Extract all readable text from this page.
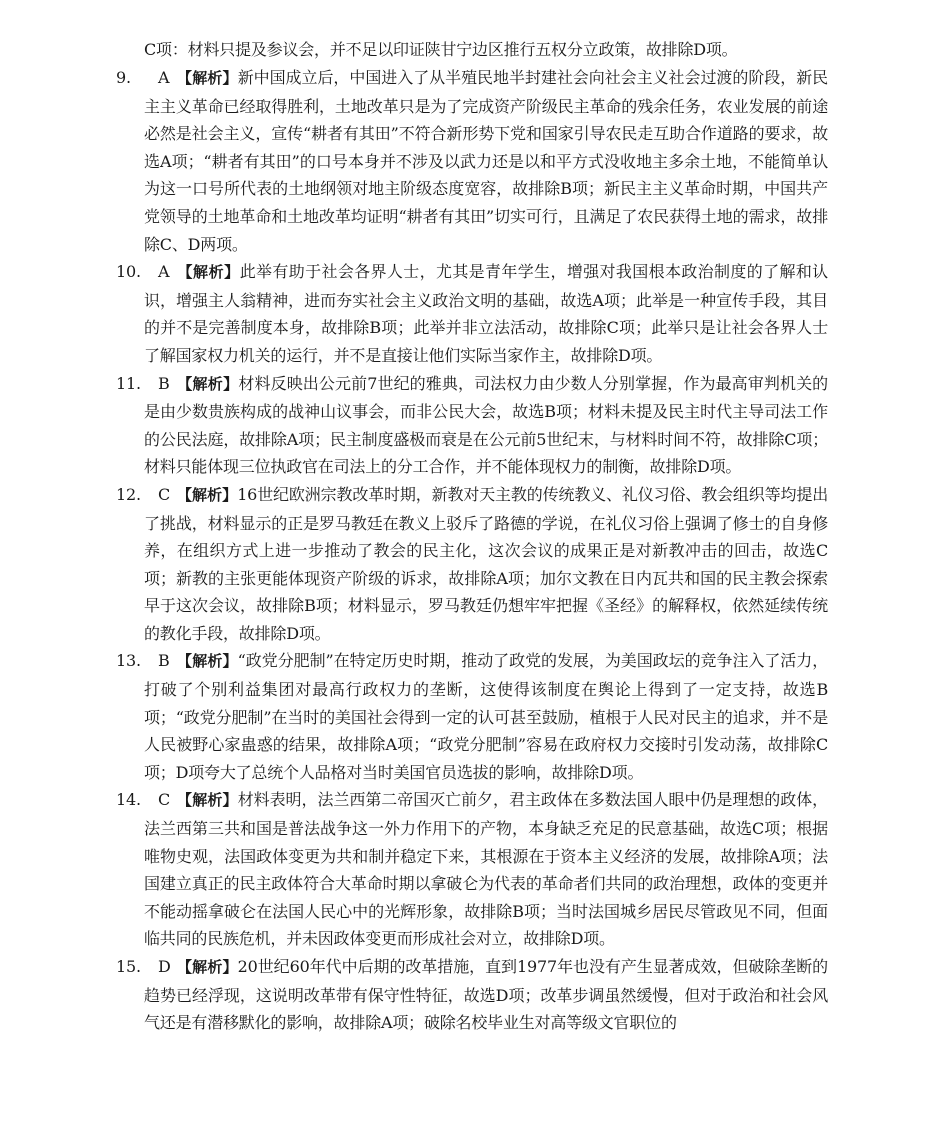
C项：材料只提及参议会，并不足以印证陕甘宁边区推行五权分立政策，故排除D项。

9.	A 【解析】新中国成立后，中国进入了从半殖民地半封建社会向社会主义社会过渡的阶段，新民主主义革命已经取得胜利，土地改革只是为了完成资产阶级民主革命的残余任务，农业发展的前途必然是社会主义，宣传“耕者有其田”不符合新形势下党和国家引导农民走互助合作道路的要求，故选A项；“耕者有其田”的口号本身并不涉及以武力还是以和平方式没收地主多余土地，不能简单认为这一口号所代表的土地纲领对地主阶级态度宽容，故排除B项；新民主主义革命时期，中国共产党领导的土地革命和土地改革均证明“耕者有其田”切实可行，且满足了农民获得土地的需求，故排除C、D两项。

10.	A 【解析】此举有助于社会各界人士，尤其是青年学生，增强对我国根本政治制度的了解和认识，增强主人翁精神，进而夯实社会主义政治文明的基础，故选A项；此举是一种宣传手段，其目的并不是完善制度本身，故排除B项；此举并非立法活动，故排除C项；此举只是让社会各界人士了解国家权力机关的运行，并不是直接让他们实际当家作主，故排除D项。

11.	B 【解析】材料反映出公元前7世纪的雅典，司法权力由少数人分别掌握，作为最高审判机关的是由少数贵族构成的战神山议事会，而非公民大会，故选B项；材料未提及民主时代主导司法工作的公民法庭，故排除A项；民主制度盛极而衰是在公元前5世纪末，与材料时间不符，故排除C项；材料只能体现三位执政官在司法上的分工合作，并不能体现权力的制衡，故排除D项。

12.	C 【解析】16世纪欧洲宗教改革时期，新教对天主教的传统教义、礼仪习俗、教会组织等均提出了挑战，材料显示的正是罗马教廷在教义上驳斥了路德的学说，在礼仪习俗上强调了修士的自身修养，在组织方式上进一步推动了教会的民主化，这次会议的成果正是对新教冲击的回击，故选C项；新教的主张更能体现资产阶级的诉求，故排除A项；加尔文教在日内瓦共和国的民主教会探索早于这次会议，故排除B项；材料显示，罗马教廷仍想牢牢把握《圣经》的解释权，依然延续传统的教化手段，故排除D项。

13.	B 【解析】“政党分肥制”在特定历史时期，推动了政党的发展，为美国政坛的竞争注入了活力，打破了个别利益集团对最高行政权力的垄断，这使得该制度在舆论上得到了一定支持，故选B项；“政党分肥制”在当时的美国社会得到一定的认可甚至鼓励，植根于人民对民主的追求，并不是人民被野心家蛊惑的结果，故排除A项；“政党分肥制”容易在政府权力交接时引发动荡，故排除C项；D项夸大了总统个人品格对当时美国官员选拔的影响，故排除D项。

14.	C 【解析】材料表明，法兰西第二帝国灭亡前夕，君主政体在多数法国人眼中仍是理想的政体，法兰西第三共和国是普法战争这一外力作用下的产物，本身缺乏充足的民意基础，故选C项；根据唯物史观，法国政体变更为共和制并稳定下来，其根源在于资本主义经济的发展，故排除A项；法国建立真正的民主政体符合大革命时期以拿破仑为代表的革命者们共同的政治理想，政体的变更并不能动摇拿破仑在法国人民心中的光辉形象，故排除B项；当时法国城乡居民尽管政见不同，但面临共同的民族危机，并未因政体变更而形成社会对立，故排除D项。

15.	D 【解析】20世纪60年代中后期的改革措施，直到1977年也没有产生显著成效，但破除垄断的趋势已经浮现，这说明改革带有保守性特征，故选D项；改革步调虽然缓慢，但对于政治和社会风气还是有潜移默化的影响，故排除A项；破除名校毕业生对高等级文官职位的
